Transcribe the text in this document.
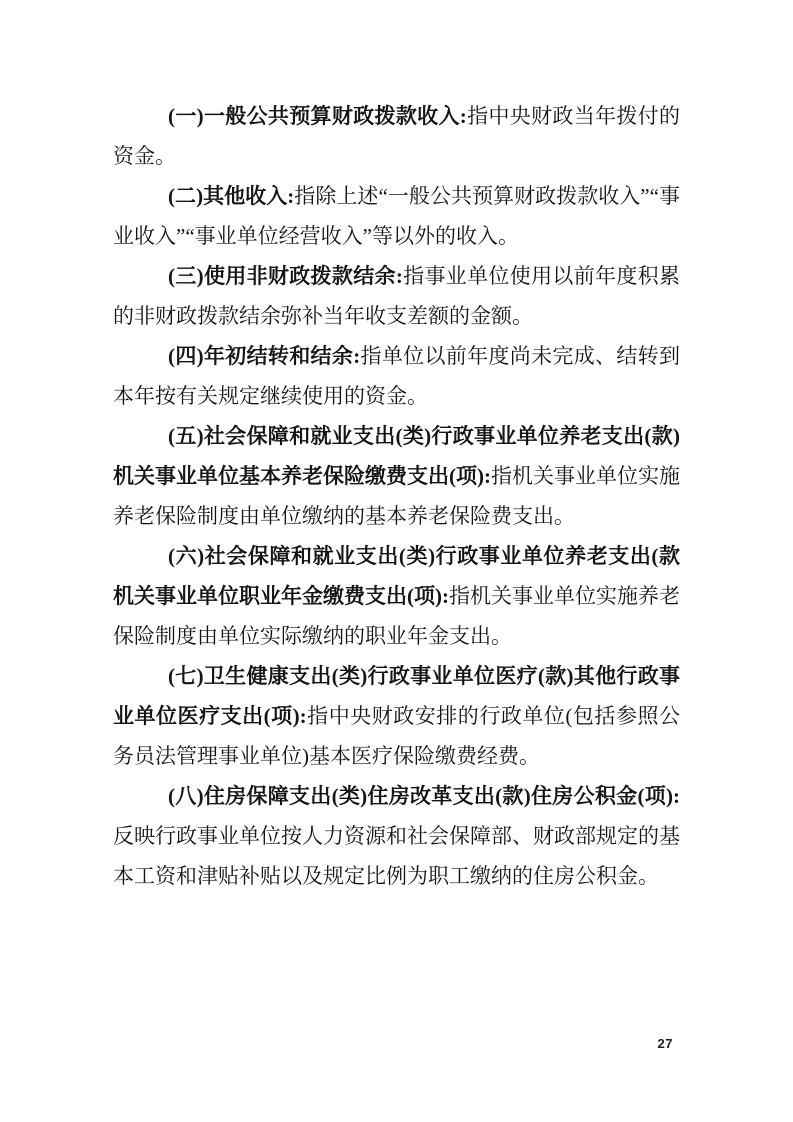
(一)一般公共预算财政拨款收入:指中央财政当年拨付的资金。

(二)其他收入:指除上述“一般公共预算财政拨款收入”“事业收入”“事业单位经营收入”等以外的收入。

(三)使用非财政拨款结余:指事业单位使用以前年度积累的非财政拨款结余弥补当年收支差额的金额。

(四)年初结转和结余:指单位以前年度尚未完成、结转到本年按有关规定继续使用的资金。

(五)社会保障和就业支出(类)行政事业单位养老支出(款)机关事业单位基本养老保险缴费支出(项):指机关事业单位实施养老保险制度由单位缴纳的基本养老保险费支出。

(六)社会保障和就业支出(类)行政事业单位养老支出(款机关事业单位职业年金缴费支出(项):指机关事业单位实施养老保险制度由单位实际缴纳的职业年金支出。

(七)卫生健康支出(类)行政事业单位医疗(款)其他行政事业单位医疗支出(项):指中央财政安排的行政单位(包括参照公务员法管理事业单位)基本医疗保险缴费经费。

(八)住房保障支出(类)住房改革支出(款)住房公积金(项):反映行政事业单位按人力资源和社会保障部、财政部规定的基本工资和津贴补贴以及规定比例为职工缴纳的住房公积金。

27
